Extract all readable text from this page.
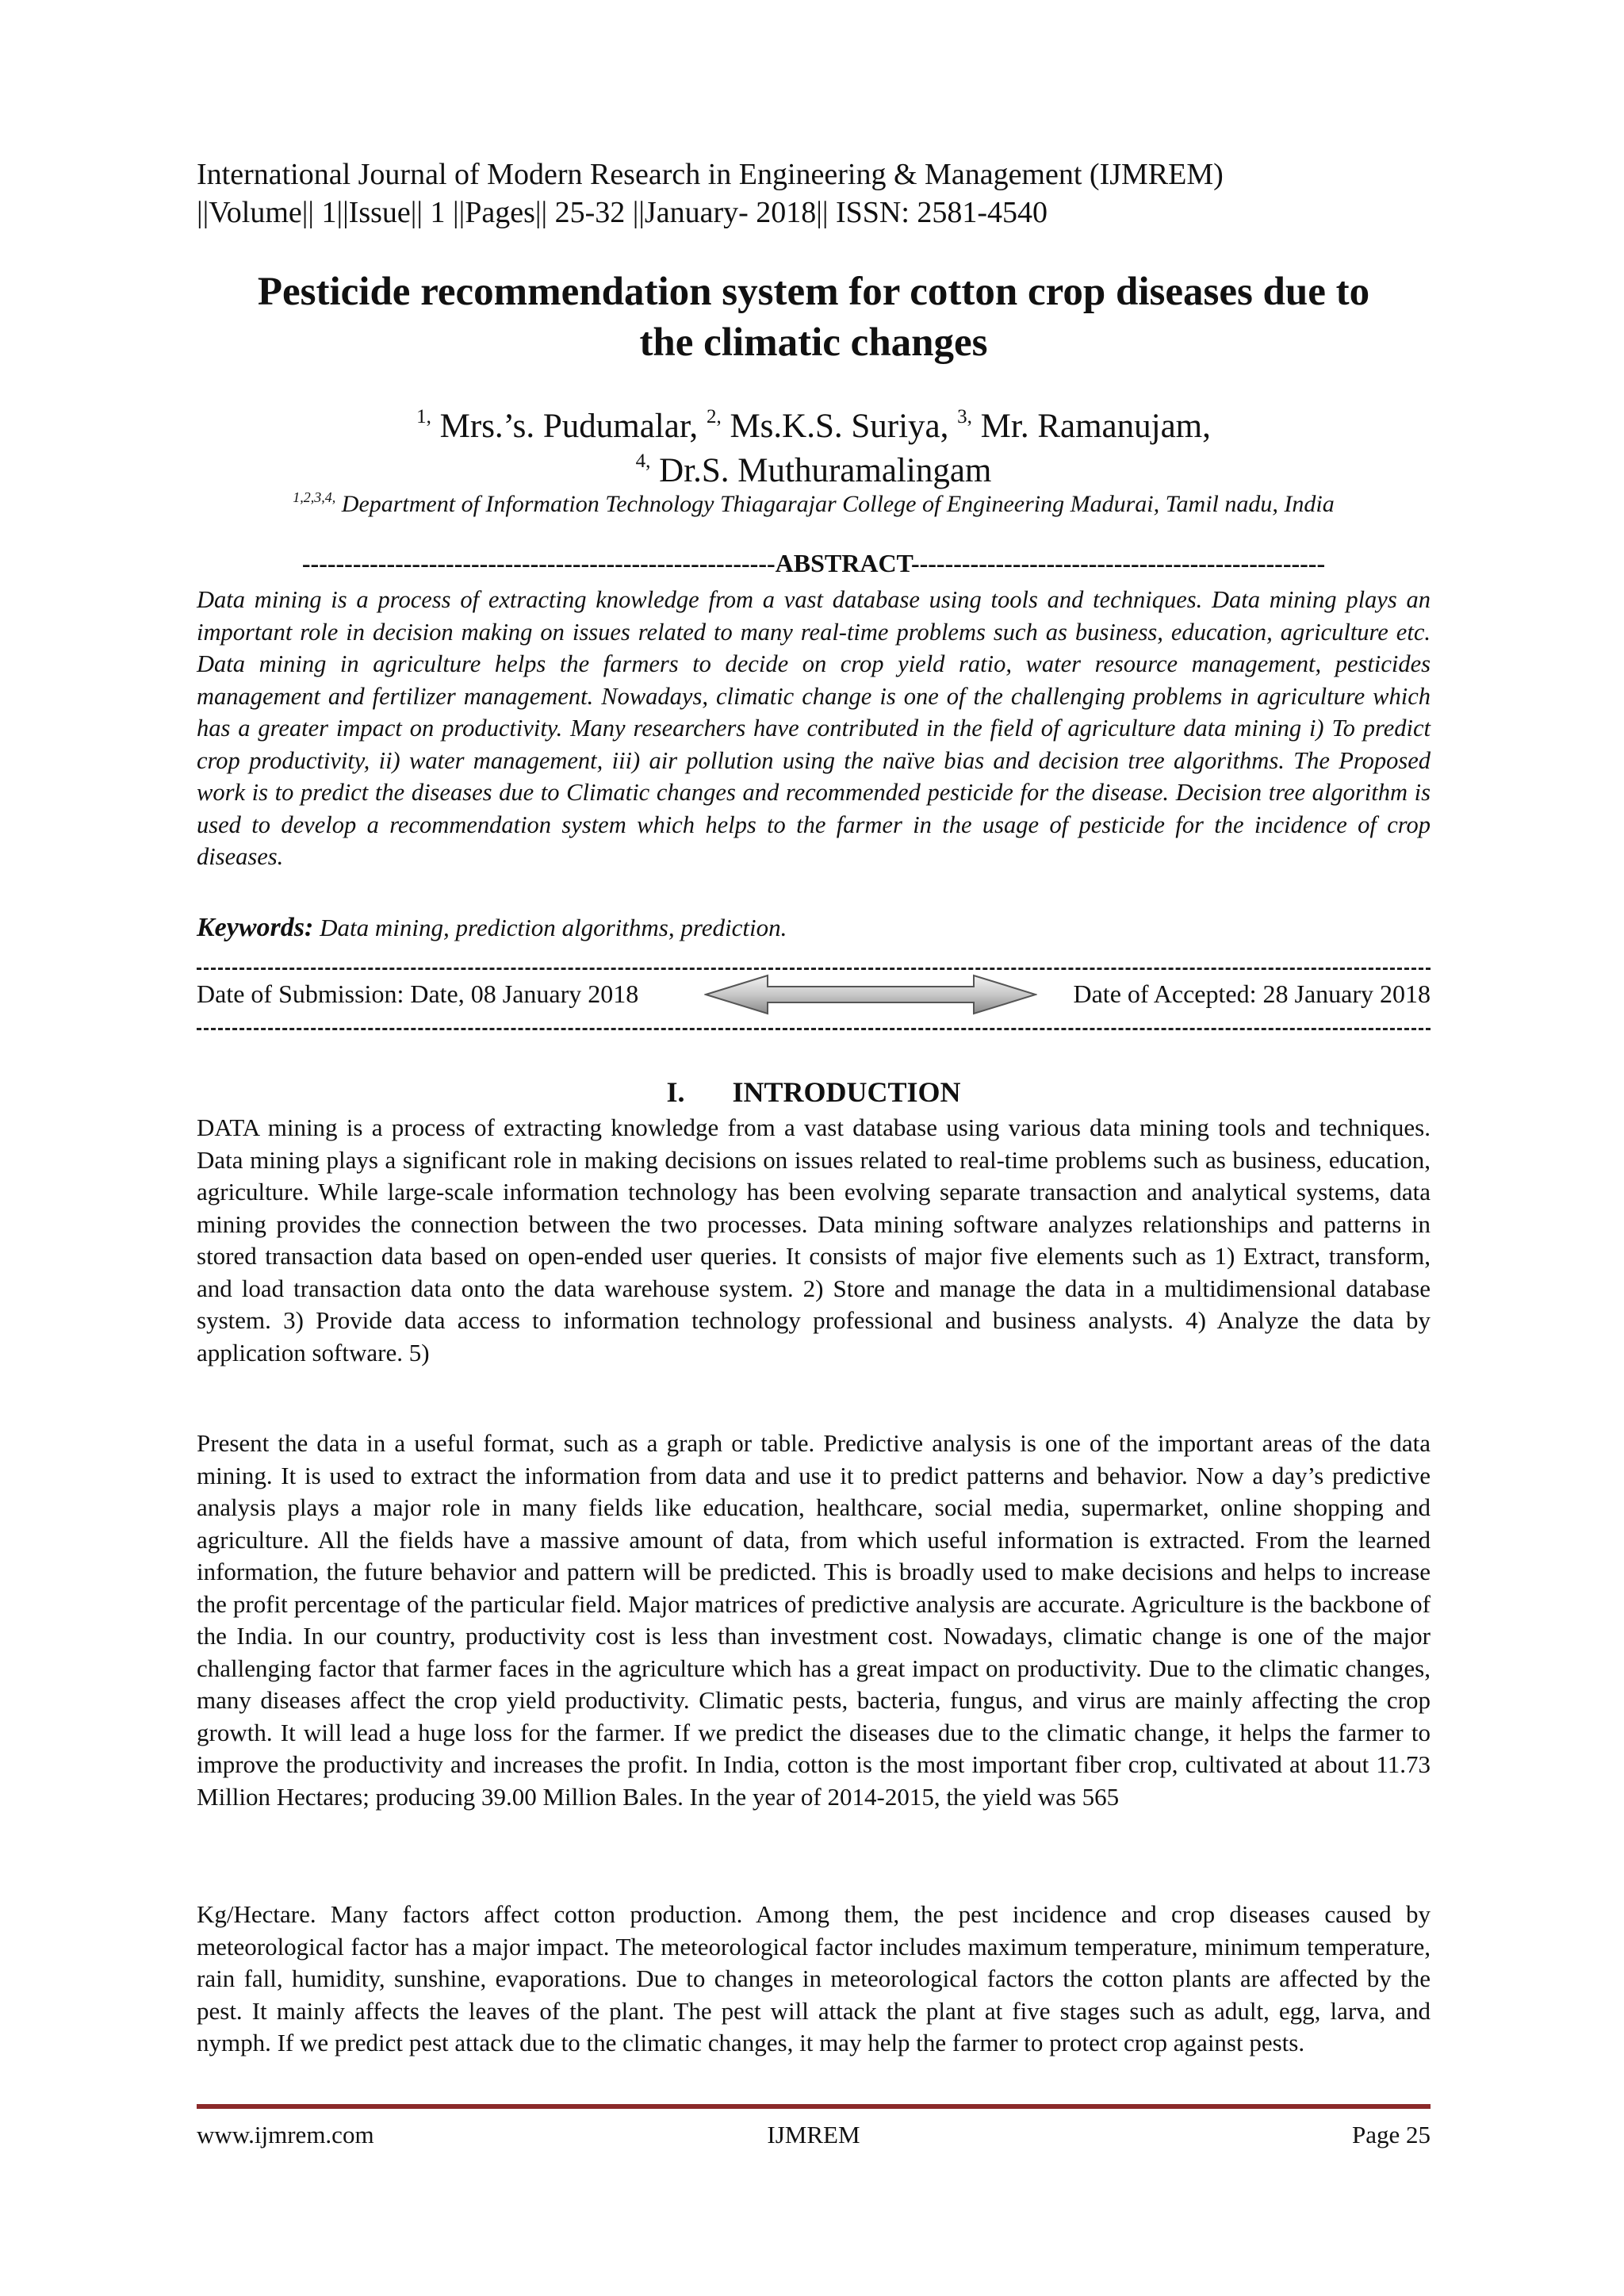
International Journal of Modern Research in Engineering & Management (IJMREM)
||Volume|| 1||Issue|| 1 ||Pages|| 25-32 ||January- 2018|| ISSN: 2581-4540
Pesticide recommendation system for cotton crop diseases due to
the climatic changes
$^{1,}$ Mrs.’s. Pudumalar, $^{2,}$ Ms.K.S. Suriya, $^{3,}$ Mr. Ramanujam,
$^{4,}$ Dr.S. Muthuramalingam
$^{1,2,3,4,}$ Department of Information Technology Thiagarajar College of Engineering Madurai, Tamil nadu, India
--------------------------------------------------------ABSTRACT-------------------------------------------------
Data mining is a process of extracting knowledge from a vast database using tools and techniques. Data mining plays an important role in decision making on issues related to many real-time problems such as business, education, agriculture etc. Data mining in agriculture helps the farmers to decide on crop yield ratio, water resource management, pesticides management and fertilizer management. Nowadays, climatic change is one of the challenging problems in agriculture which has a greater impact on productivity. Many researchers have contributed in the field of agriculture data mining i) To predict crop productivity, ii) water management, iii) air pollution using the naïve bias and decision tree algorithms. The Proposed work is to predict the diseases due to Climatic changes and recommended pesticide for the disease. Decision tree algorithm is used to develop a recommendation system which helps to the farmer in the usage of pesticide for the incidence of crop diseases.
Keywords: Data mining, prediction algorithms, prediction.
Date of Submission: Date, 08 January 2018	Date of Accepted: 28 January 2018
I. INTRODUCTION

DATA mining is a process of extracting knowledge from a vast database using various data mining tools and techniques. Data mining plays a significant role in making decisions on issues related to real-time problems such as business, education, agriculture. While large-scale information technology has been evolving separate transaction and analytical systems, data mining provides the connection between the two processes. Data mining software analyzes relationships and patterns in stored transaction data based on open-ended user queries. It consists of major five elements such as 1) Extract, transform, and load transaction data onto the data warehouse system. 2) Store and manage the data in a multidimensional database system. 3) Provide data access to information technology professional and business analysts. 4) Analyze the data by application software. 5)

Present the data in a useful format, such as a graph or table. Predictive analysis is one of the important areas of the data mining. It is used to extract the information from data and use it to predict patterns and behavior. Now a day’s predictive analysis plays a major role in many fields like education, healthcare, social media, supermarket, online shopping and agriculture. All the fields have a massive amount of data, from which useful information is extracted. From the learned information, the future behavior and pattern will be predicted. This is broadly used to make decisions and helps to increase the profit percentage of the particular field. Major matrices of predictive analysis are accurate. Agriculture is the backbone of the India. In our country, productivity cost is less than investment cost. Nowadays, climatic change is one of the major challenging factor that farmer faces in the agriculture which has a great impact on productivity. Due to the climatic changes, many diseases affect the crop yield productivity. Climatic pests, bacteria, fungus, and virus are mainly affecting the crop growth. It will lead a huge loss for the farmer. If we predict the diseases due to the climatic change, it helps the farmer to improve the productivity and increases the profit. In India, cotton is the most important fiber crop, cultivated at about 11.73 Million Hectares; producing 39.00 Million Bales. In the year of 2014-2015, the yield was 565

Kg/Hectare. Many factors affect cotton production. Among them, the pest incidence and crop diseases caused by meteorological factor has a major impact. The meteorological factor includes maximum temperature, minimum temperature, rain fall, humidity, sunshine, evaporations. Due to changes in meteorological factors the cotton plants are affected by the pest. It mainly affects the leaves of the plant. The pest will attack the plant at five stages such as adult, egg, larva, and nymph. If we predict pest attack due to the climatic changes, it may help the farmer to protect crop against pests.

www.ijmrem.com	IJMREM	Page 25
